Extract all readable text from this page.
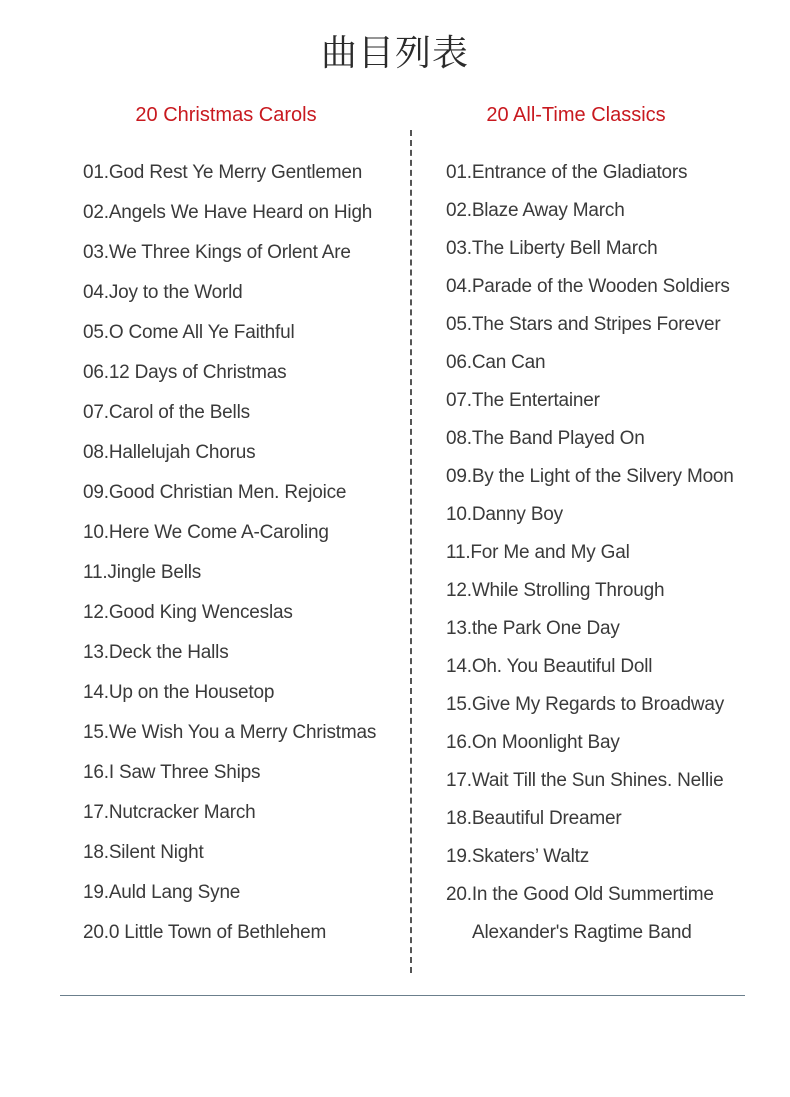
曲目列表
20 Christmas Carols	20 All-Time Classics
01.God Rest Ye Merry Gentlemen
02.Angels We Have Heard on High
03.We Three Kings of Orlent Are
04.Joy to the World
05.O Come All Ye Faithful
06.12 Days of Christmas
07.Carol of the Bells
08.Hallelujah Chorus
09.Good Christian Men. Rejoice
10.Here We Come A-Caroling
11.Jingle Bells
12.Good King Wenceslas
13.Deck the Halls
14.Up on the Housetop
15.We Wish You a Merry Christmas
16.I Saw Three Ships
17.Nutcracker March
18.Silent Night
19.Auld Lang Syne
20.0 Little Town of Bethlehem
01.Entrance of the Gladiators
02.Blaze Away March
03.The Liberty Bell March
04.Parade of the Wooden Soldiers
05.The Stars and Stripes Forever
06.Can Can
07.The Entertainer
08.The Band Played On
09.By the Light of the Silvery Moon
10.Danny Boy
11.For Me and My Gal
12.While Strolling Through
13.the Park One Day
14.Oh. You Beautiful Doll
15.Give My Regards to Broadway
16.On Moonlight Bay
17.Wait Till the Sun Shines. Nellie
18.Beautiful Dreamer
19.Skaters’ Waltz
20.In the Good Old Summertime
Alexander's Ragtime Band
